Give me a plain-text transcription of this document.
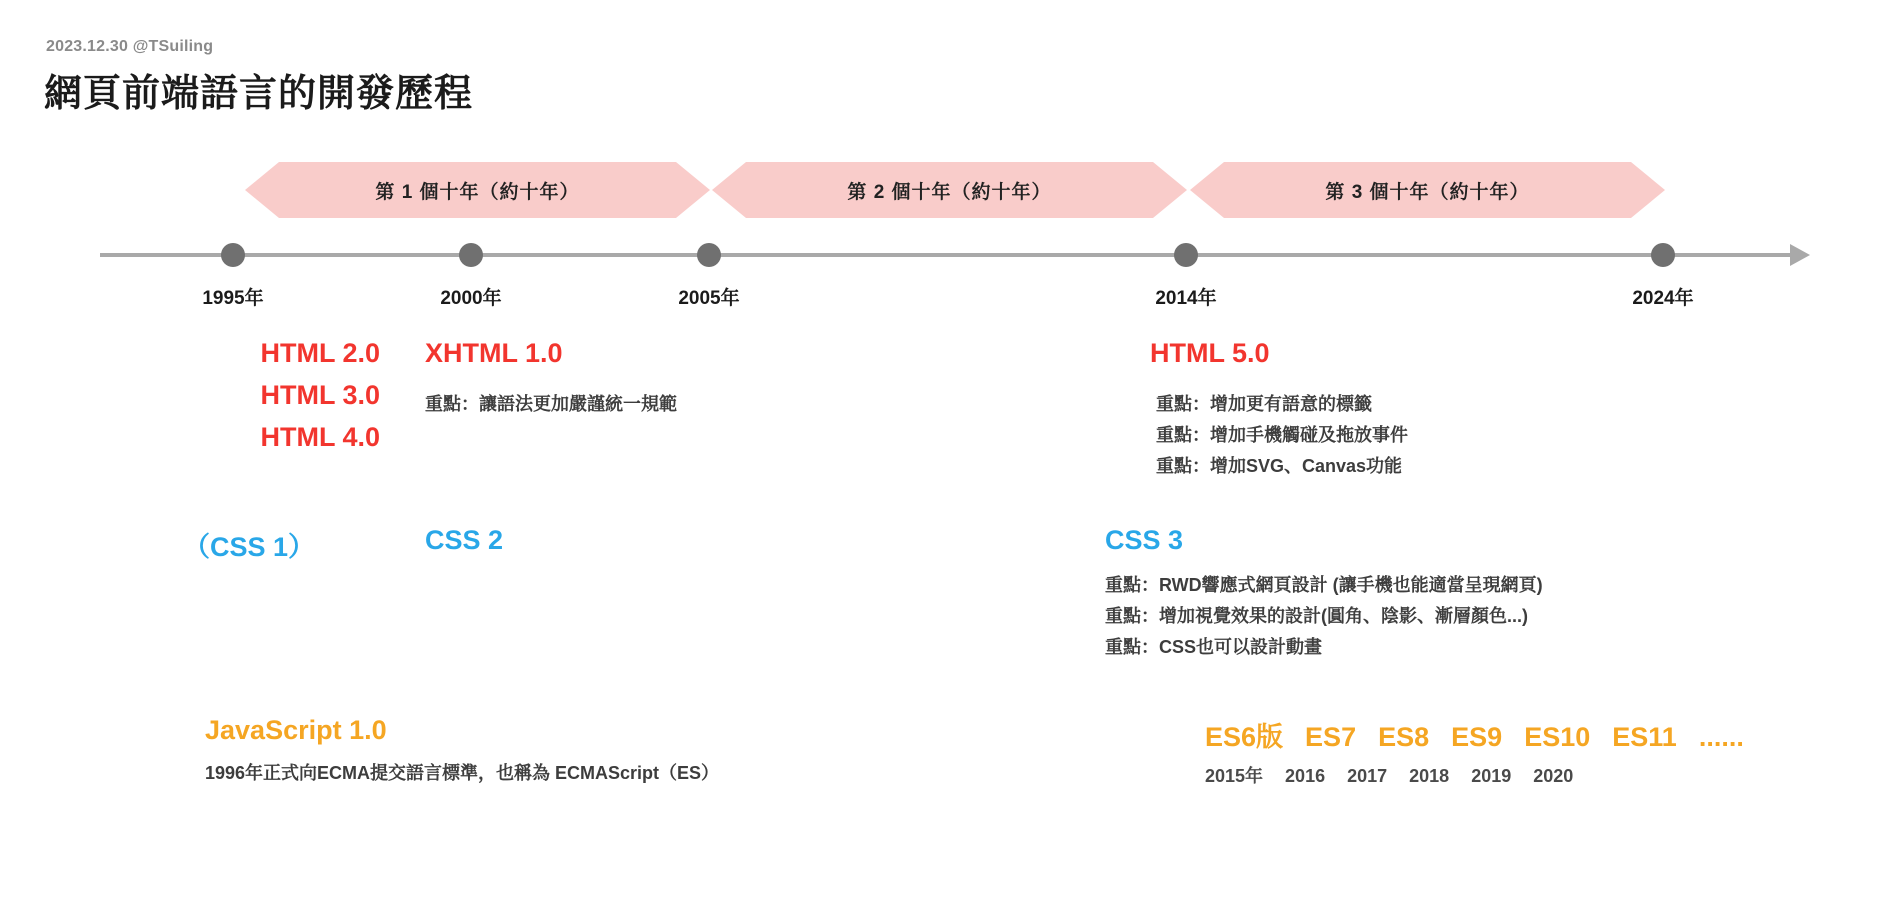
2023.12.30 @TSuiling
網頁前端語言的開發歷程
第 1 個十年（約十年）	第 2 個十年（約十年）	第 3 個十年（約十年）
1995年	2000年	2005年	2014年	2024年
HTML 2.0
HTML 3.0
HTML 4.0
XHTML 1.0
重點：讓語法更加嚴謹統一規範
HTML 5.0
重點：增加更有語意的標籤
重點：增加手機觸碰及拖放事件
重點：增加SVG、Canvas功能
（CSS 1）	CSS 2	CSS 3
重點：RWD響應式網頁設計 (讓手機也能適當呈現網頁)
重點：增加視覺效果的設計(圓角、陰影、漸層顏色...)
重點：CSS也可以設計動畫
JavaScript 1.0
1996年正式向ECMA提交語言標準，也稱為 ECMAScript（ES）
ES6版 ES7 ES8 ES9 ES10 ES11 ......
2015年 2016 2017 2018 2019 2020
